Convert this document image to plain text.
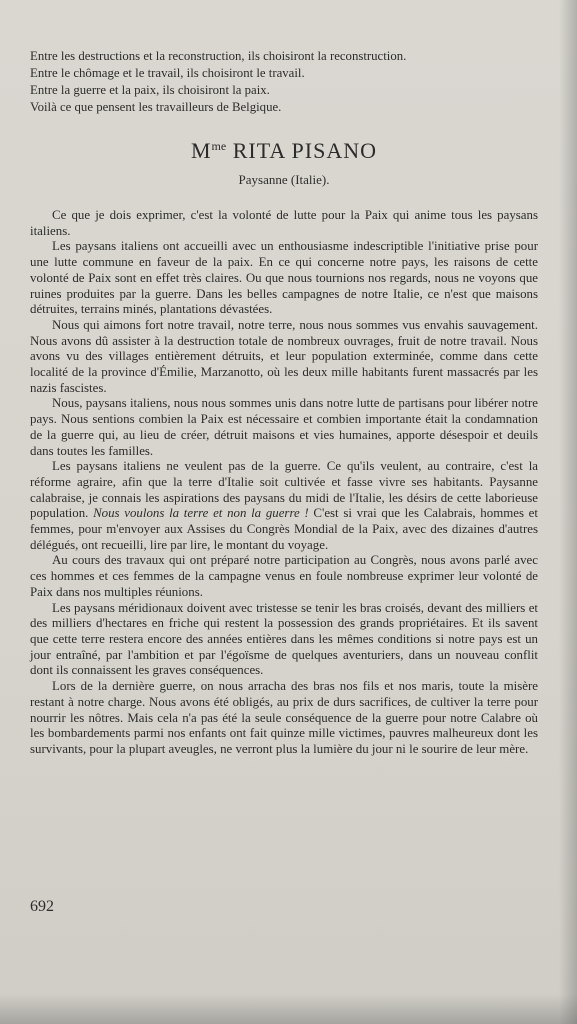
Entre les destructions et la reconstruction, ils choisiront la reconstruction.
Entre le chômage et le travail, ils choisiront le travail.
Entre la guerre et la paix, ils choisiront la paix.
Voilà ce que pensent les travailleurs de Belgique.
$M^{me}$ RITA PISANO
Paysanne (Italie).

Ce que je dois exprimer, c'est la volonté de lutte pour la Paix qui anime tous les paysans italiens.

Les paysans italiens ont accueilli avec un enthousiasme indescriptible l'initiative prise pour une lutte commune en faveur de la paix. En ce qui concerne notre pays, les raisons de cette volonté de Paix sont en effet très claires. Ou que nous tournions nos regards, nous ne voyons que ruines produites par la guerre. Dans les belles campagnes de notre Italie, ce n'est que maisons détruites, terrains minés, plantations dévastées.

Nous qui aimons fort notre travail, notre terre, nous nous sommes vus envahis sauvagement. Nous avons dû assister à la destruction totale de nombreux ouvrages, fruit de notre travail. Nous avons vu des villages entièrement détruits, et leur population exterminée, comme dans cette localité de la province d'Émilie, Marzanotto, où les deux mille habitants furent massacrés par les nazis fascistes.

Nous, paysans italiens, nous nous sommes unis dans notre lutte de partisans pour libérer notre pays. Nous sentions combien la Paix est nécessaire et combien importante était la condamnation de la guerre qui, au lieu de créer, détruit maisons et vies humaines, apporte désespoir et deuils dans toutes les familles.

Les paysans italiens ne veulent pas de la guerre. Ce qu'ils veulent, au contraire, c'est la réforme agraire, afin que la terre d'Italie soit cultivée et fasse vivre ses habitants. Paysanne calabraise, je connais les aspirations des paysans du midi de l'Italie, les désirs de cette laborieuse population. Nous voulons la terre et non la guerre ! C'est si vrai que les Calabrais, hommes et femmes, pour m'envoyer aux Assises du Congrès Mondial de la Paix, avec des dizaines d'autres délégués, ont recueilli, lire par lire, le montant du voyage.

Au cours des travaux qui ont préparé notre participation au Congrès, nous avons parlé avec ces hommes et ces femmes de la campagne venus en foule nombreuse exprimer leur volonté de Paix dans nos multiples réunions.

Les paysans méridionaux doivent avec tristesse se tenir les bras croisés, devant des milliers et des milliers d'hectares en friche qui restent la possession des grands propriétaires. Et ils savent que cette terre restera encore des années entières dans les mêmes conditions si notre pays est un jour entraîné, par l'ambition et par l'égoïsme de quelques aventuriers, dans un nouveau conflit dont ils connaissent les graves conséquences.

Lors de la dernière guerre, on nous arracha des bras nos fils et nos maris, toute la misère restant à notre charge. Nous avons été obligés, au prix de durs sacrifices, de cultiver la terre pour nourrir les nôtres. Mais cela n'a pas été la seule conséquence de la guerre pour notre Calabre où les bombardements parmi nos enfants ont fait quinze mille victimes, pauvres malheureux dont les survivants, pour la plupart aveugles, ne verront plus la lumière du jour ni le sourire de leur mère.

692
